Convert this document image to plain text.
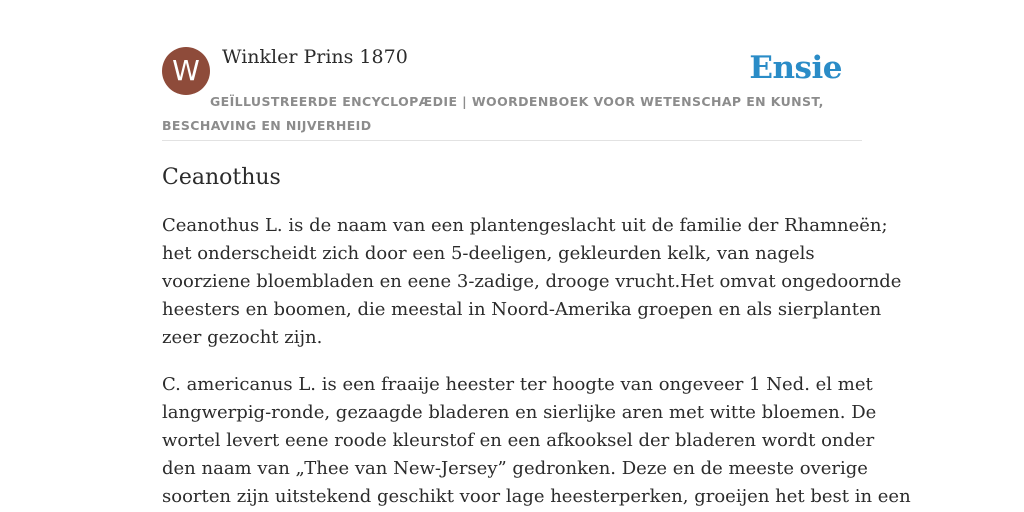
W Winkler Prins 1870	Ensie
GEÏLLUSTREERDE ENCYCLOPÆDIE | WOORDENBOEK VOOR WETENSCHAP EN KUNST, BESCHAVING EN NIJVERHEID
Ceanothus

Ceanothus L. is de naam van een plantengeslacht uit de familie der Rhamneën;
het onderscheidt zich door een 5-deeligen, gekleurden kelk, van nagels
voorziene bloembladen en eene 3-zadige, drooge vrucht.Het omvat ongedoornde
heesters en boomen, die meestal in Noord-Amerika groepen en als sierplanten
zeer gezocht zijn.

C. americanus L. is een fraaije heester ter hoogte van ongeveer 1 Ned. el met
langwerpig-ronde, gezaagde bladeren en sierlijke aren met witte bloemen. De
wortel levert eene roode kleurstof en een afkooksel der bladeren wordt onder
den naam van „Thee van New-Jersey” gedronken. Deze en de meeste overige
soorten zijn uitstekend geschikt voor lage heesterperken, groeijen het best in een
